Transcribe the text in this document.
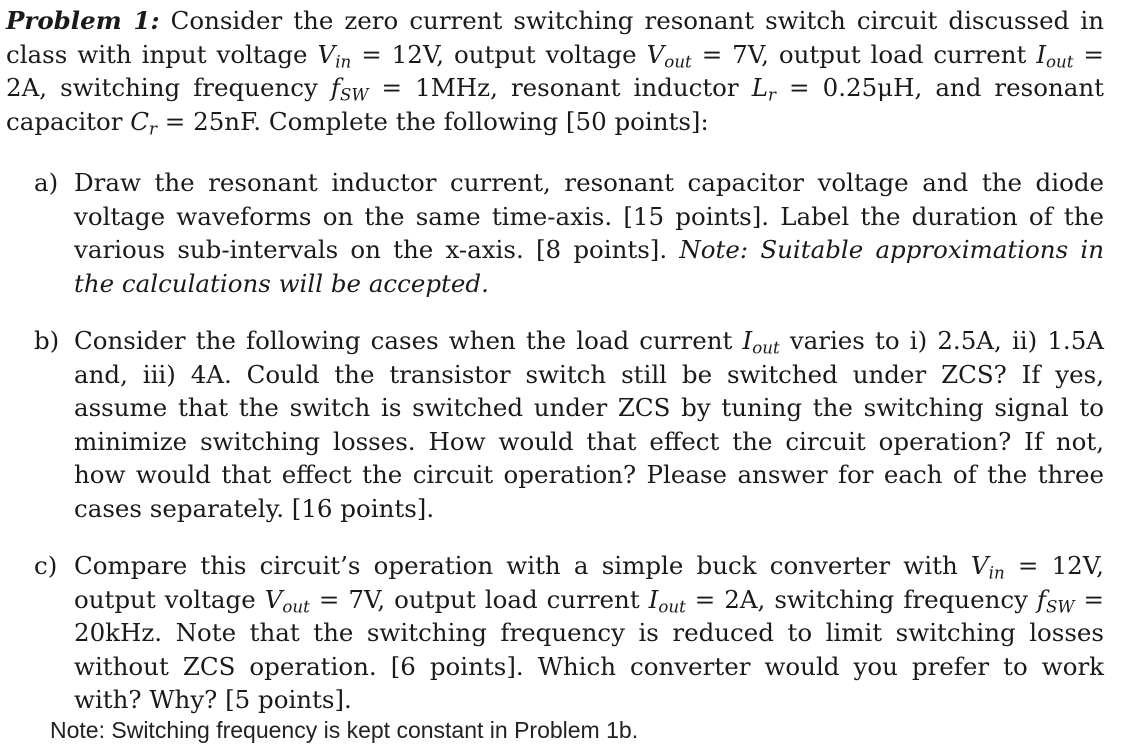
Problem 1: Consider the zero current switching resonant switch circuit discussed in class with input voltage $V_{in} = 12V$, output voltage $V_{out} = 7V$, output load current $I_{out} = 2A$, switching frequency $f_{SW} = 1MHz$, resonant inductor $L_r = 0.25\mu H$, and resonant capacitor $C_r = 25nF$. Complete the following [50 points]:

a) Draw the resonant inductor current, resonant capacitor voltage and the diode voltage waveforms on the same time-axis. [15 points]. Label the duration of the various sub-intervals on the x-axis. [8 points]. Note: Suitable approximations in the calculations will be accepted.

b) Consider the following cases when the load current $I_{out}$ varies to i) 2.5A, ii) 1.5A and, iii) 4A. Could the transistor switch still be switched under ZCS? If yes, assume that the switch is switched under ZCS by tuning the switching signal to minimize switching losses. How would that effect the circuit operation? If not, how would that effect the circuit operation? Please answer for each of the three cases separately. [16 points].

c) Compare this circuit’s operation with a simple buck converter with $V_{in} = 12V$, output voltage $V_{out} = 7V$, output load current $I_{out} = 2A$, switching frequency $f_{SW} = 20kHz$. Note that the switching frequency is reduced to limit switching losses without ZCS operation. [6 points]. Which converter would you prefer to work with? Why? [5 points].

Note: Switching frequency is kept constant in Problem 1b.
